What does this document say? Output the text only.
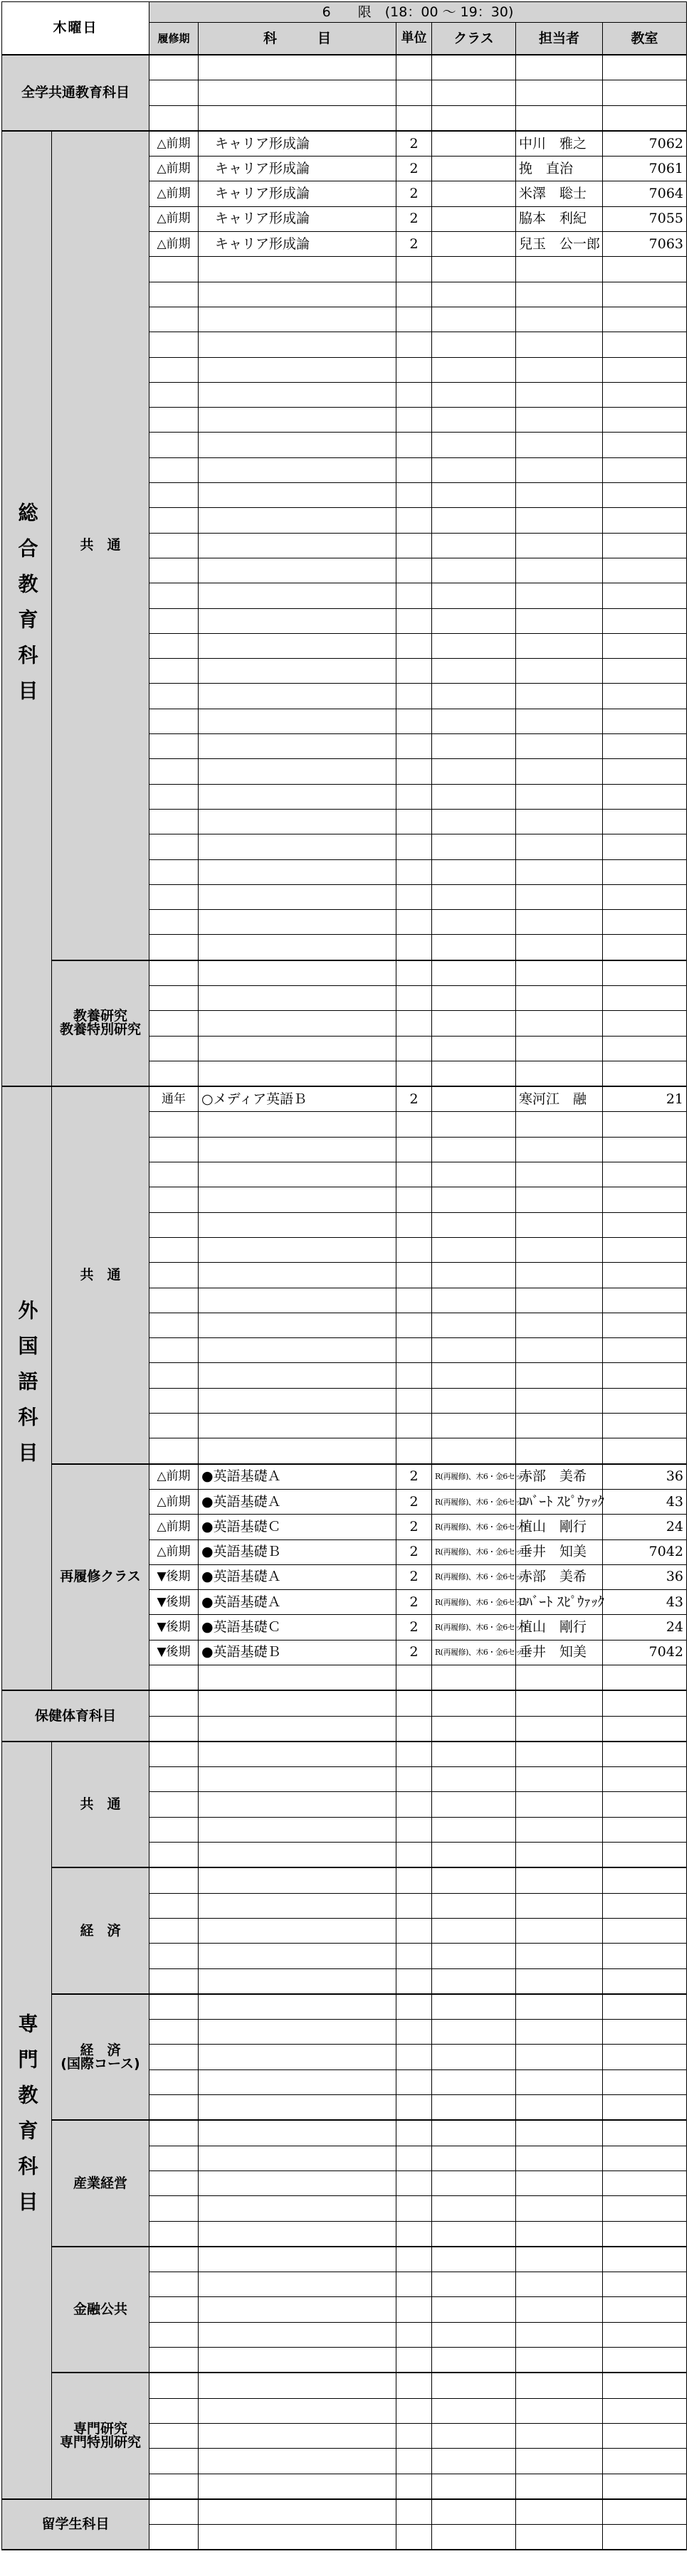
木曜日		6　　限　(18：00 〜 19：30)					
		履修期	科　　　目	単位	クラス	担当者	教室
全学共通教育科目							

総合教育科目	共　通	△前期	　キャリア形成論	2		中川　雅之	7062
		△前期	　キャリア形成論	2		挽　直治	7061
		△前期	　キャリア形成論	2		米澤　聡士	7064
		△前期	　キャリア形成論	2		脇本　利紀	7055
		△前期	　キャリア形成論	2		兒玉　公一郎	7063

	教養研究
教養特別研究						

外国語科目	共　通	通年	○メディア英語Ｂ	2		寒河江　融	21

	再履修クラス	△前期	●英語基礎Ａ	2	R(再履修)、木6・金6セット	赤部　美希	36
		△前期	●英語基礎Ａ	2	R(再履修)、木6・金6セット	ﾛﾊﾞｰﾄ ｽﾋﾟｳｧｯｸ	43
		△前期	●英語基礎Ｃ	2	R(再履修)、木6・金6セット	植山　剛行	24
		△前期	●英語基礎Ｂ	2	R(再履修)、木6・金6セット	垂井　知美	7042
		▼後期	●英語基礎Ａ	2	R(再履修)、木6・金6セット	赤部　美希	36
		▼後期	●英語基礎Ａ	2	R(再履修)、木6・金6セット	ﾛﾊﾞｰﾄ ｽﾋﾟｳｧｯｸ	43
		▼後期	●英語基礎Ｃ	2	R(再履修)、木6・金6セット	植山　剛行	24
		▼後期	●英語基礎Ｂ	2	R(再履修)、木6・金6セット	垂井　知美	7042

保健体育科目							

専門教育科目	共　通						

	経　済						

	経　済
(国際コース)						

	産業経営						

	金融公共						

	専門研究
専門特別研究						

留学生科目							
